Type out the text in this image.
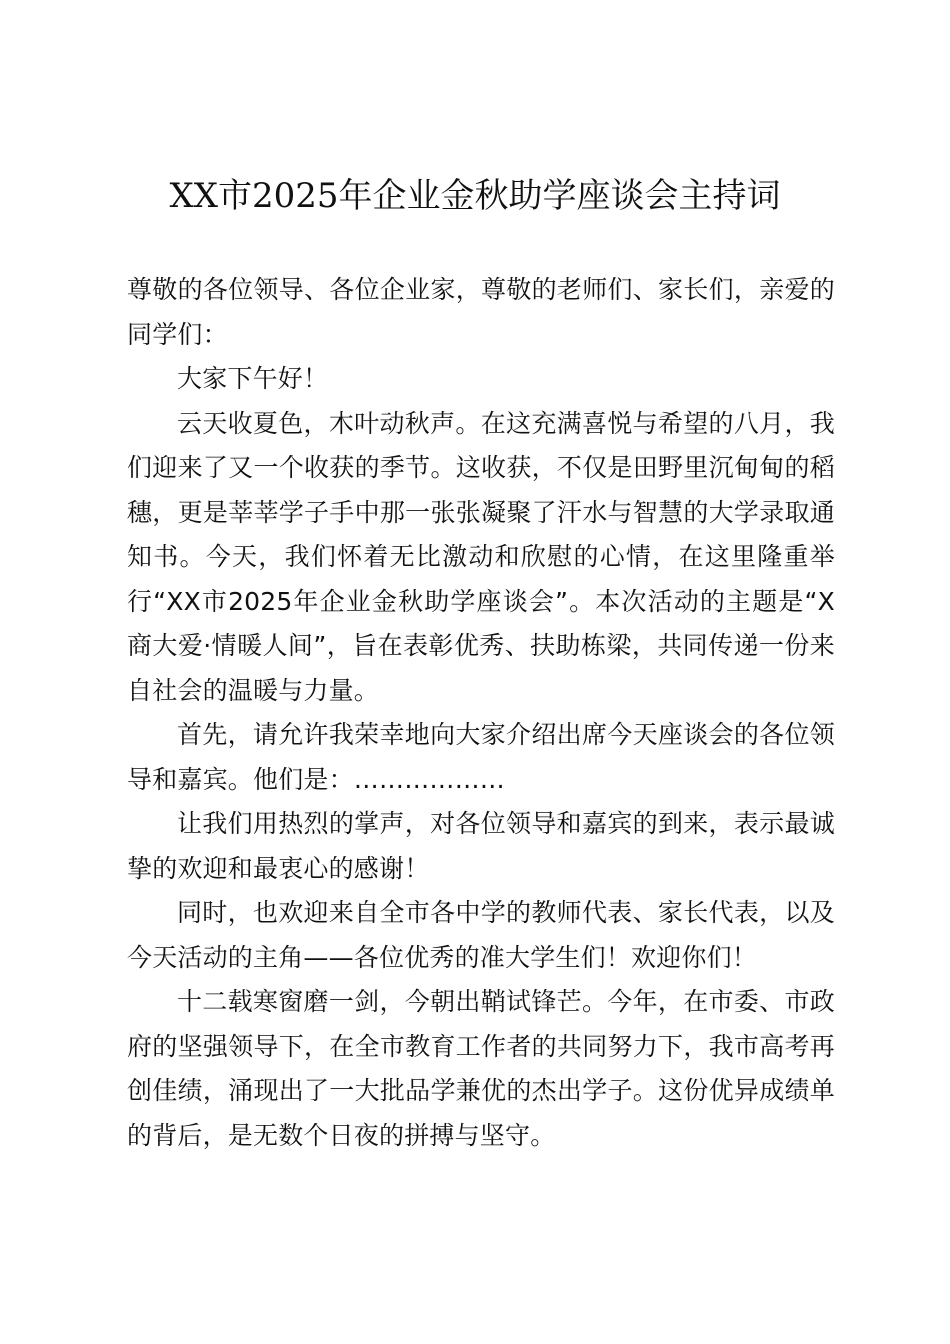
XX市2025年企业金秋助学座谈会主持词

尊敬的各位领导、各位企业家，尊敬的老师们、家长们，亲爱的同学们：

大家下午好！

云天收夏色，木叶动秋声。在这充满喜悦与希望的八月，我们迎来了又一个收获的季节。这收获，不仅是田野里沉甸甸的稻穗，更是莘莘学子手中那一张张凝聚了汗水与智慧的大学录取通知书。今天，我们怀着无比激动和欣慰的心情，在这里隆重举行“XX市2025年企业金秋助学座谈会”。本次活动的主题是“X商大爱·情暖人间”，旨在表彰优秀、扶助栋梁，共同传递一份来自社会的温暖与力量。

首先，请允许我荣幸地向大家介绍出席今天座谈会的各位领导和嘉宾。他们是：………………

让我们用热烈的掌声，对各位领导和嘉宾的到来，表示最诚挚的欢迎和最衷心的感谢！

同时，也欢迎来自全市各中学的教师代表、家长代表，以及今天活动的主角——各位优秀的准大学生们！欢迎你们！

十二载寒窗磨一剑，今朝出鞘试锋芒。今年，在市委、市政府的坚强领导下，在全市教育工作者的共同努力下，我市高考再创佳绩，涌现出了一大批品学兼优的杰出学子。这份优异成绩单的背后，是无数个日夜的拼搏与坚守。
